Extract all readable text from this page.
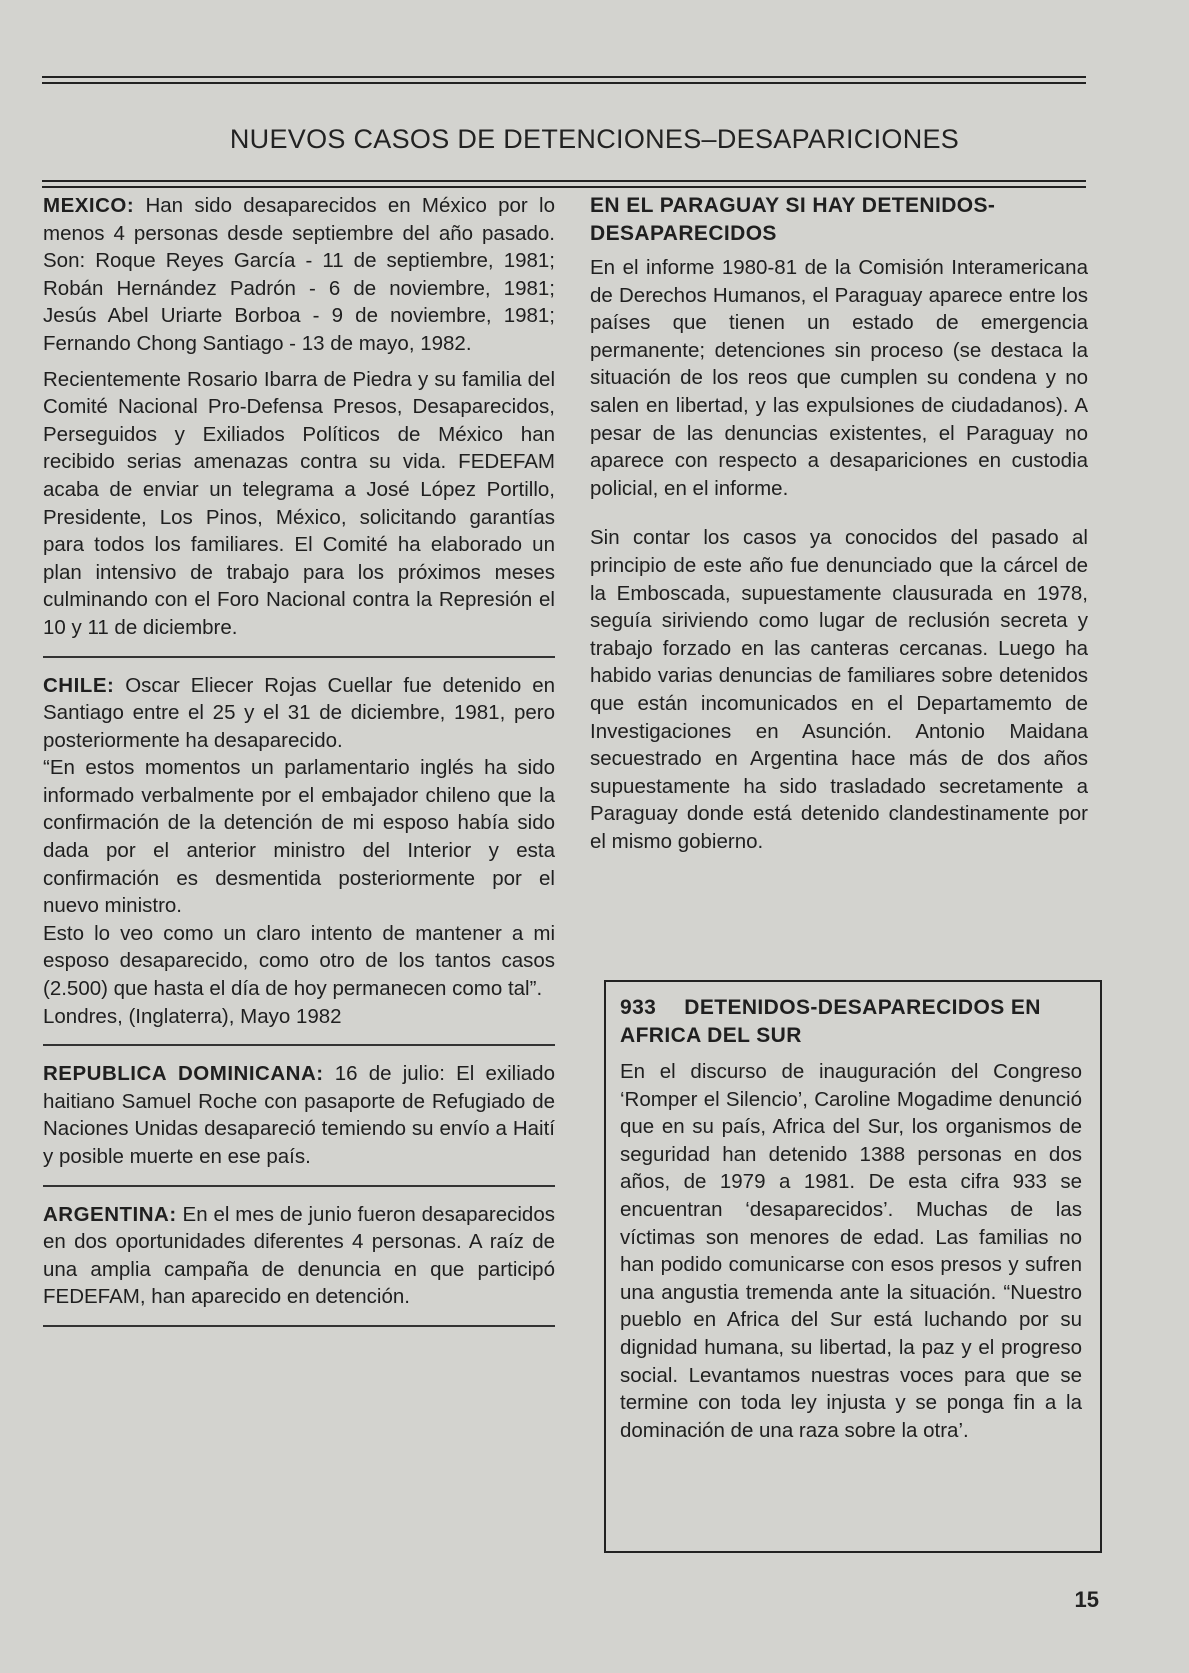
NUEVOS CASOS DE DETENCIONES–DESAPARICIONES

MEXICO: Han sido desaparecidos en México por lo menos 4 personas desde septiembre del año pasado. Son: Roque Reyes García - 11 de septiembre, 1981; Robán Hernández Padrón - 6 de noviembre, 1981; Jesús Abel Uriarte Borboa - 9 de noviembre, 1981; Fernando Chong Santiago - 13 de mayo, 1982.

Recientemente Rosario Ibarra de Piedra y su familia del Comité Nacional Pro-Defensa Presos, Desaparecidos, Perseguidos y Exiliados Políticos de México han recibido serias amenazas contra su vida. FEDEFAM acaba de enviar un telegrama a José López Portillo, Presidente, Los Pinos, México, solicitando garantías para todos los familiares. El Comité ha elaborado un plan intensivo de trabajo para los próximos meses culminando con el Foro Nacional contra la Represión el 10 y 11 de diciembre.

CHILE: Oscar Eliecer Rojas Cuellar fue detenido en Santiago entre el 25 y el 31 de diciembre, 1981, pero posteriormente ha desaparecido.

“En estos momentos un parlamentario inglés ha sido informado verbalmente por el embajador chileno que la confirmación de la detención de mi esposo había sido dada por el anterior ministro del Interior y esta confirmación es desmentida posteriormente por el nuevo ministro.

Esto lo veo como un claro intento de mantener a mi esposo desaparecido, como otro de los tantos casos (2.500) que hasta el día de hoy permanecen como tal”.

Londres, (Inglaterra), Mayo 1982

REPUBLICA DOMINICANA: 16 de julio: El exiliado haitiano Samuel Roche con pasaporte de Refugiado de Naciones Unidas desapareció temiendo su envío a Haití y posible muerte en ese país.

ARGENTINA: En el mes de junio fueron desaparecidos en dos oportunidades diferentes 4 personas. A raíz de una amplia campaña de denuncia en que participó FEDEFAM, han aparecido en detención.

EN EL PARAGUAY SI HAY DETENIDOS-DESAPARECIDOS

En el informe 1980-81 de la Comisión Interamericana de Derechos Humanos, el Paraguay aparece entre los países que tienen un estado de emergencia permanente; detenciones sin proceso (se destaca la situación de los reos que cumplen su condena y no salen en libertad, y las expulsiones de ciudadanos). A pesar de las denuncias existentes, el Paraguay no aparece con respecto a desapariciones en custodia policial, en el informe.

Sin contar los casos ya conocidos del pasado al principio de este año fue denunciado que la cárcel de la Emboscada, supuestamente clausurada en 1978, seguía siriviendo como lugar de reclusión secreta y trabajo forzado en las canteras cercanas. Luego ha habido varias denuncias de familiares sobre detenidos que están incomunicados en el Departamemto de Investigaciones en Asunción. Antonio Maidana secuestrado en Argentina hace más de dos años supuestamente ha sido trasladado secretamente a Paraguay donde está detenido clandestinamente por el mismo gobierno.

933 DETENIDOS-DESAPARECIDOS EN AFRICA DEL SUR

En el discurso de inauguración del Congreso ‘Romper el Silencio’, Caroline Mogadime denunció que en su país, Africa del Sur, los organismos de seguridad han detenido 1388 personas en dos años, de 1979 a 1981. De esta cifra 933 se encuentran ‘desaparecidos’. Muchas de las víctimas son menores de edad. Las familias no han podido comunicarse con esos presos y sufren una angustia tremenda ante la situación. “Nuestro pueblo en Africa del Sur está luchando por su dignidad humana, su libertad, la paz y el progreso social. Levantamos nuestras voces para que se termine con toda ley injusta y se ponga fin a la dominación de una raza sobre la otra’.

15
